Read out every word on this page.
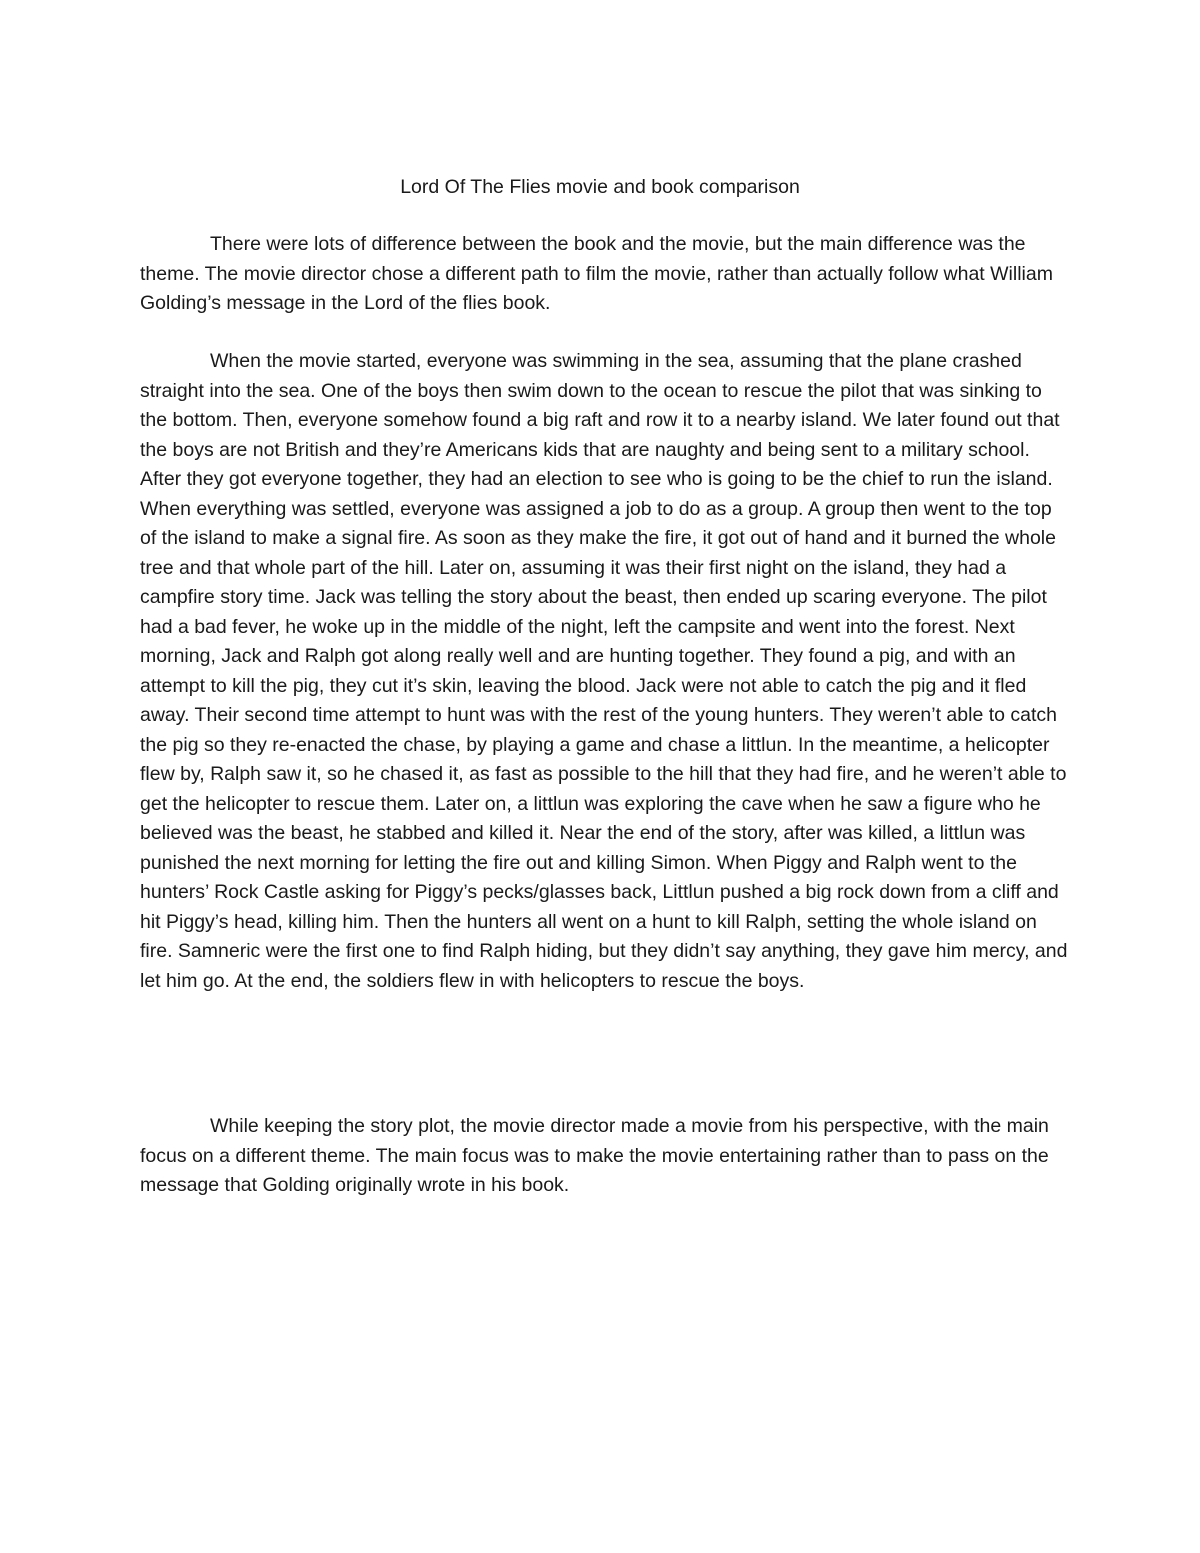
Lord Of The Flies movie and book comparison

There were lots of difference between the book and the movie, but the main difference was the theme. The movie director chose a different path to film the movie, rather than actually follow what William Golding’s message in the Lord of the flies book.

When the movie started, everyone was swimming in the sea, assuming that the plane crashed straight into the sea. One of the boys then swim down to the ocean to rescue the pilot that was sinking to the bottom. Then, everyone somehow found a big raft and row it to a nearby island. We later found out that the boys are not British and they’re Americans kids that are naughty and being sent to a military school. After they got everyone together, they had an election to see who is going to be the chief to run the island. When everything was settled, everyone was assigned a job to do as a group. A group then went to the top of the island to make a signal fire. As soon as they make the fire, it got out of hand and it burned the whole tree and that whole part of the hill. Later on, assuming it was their first night on the island, they had a campfire story time. Jack was telling the story about the beast, then ended up scaring everyone. The pilot had a bad fever, he woke up in the middle of the night, left the campsite and went into the forest. Next morning, Jack and Ralph got along really well and are hunting together. They found a pig, and with an attempt to kill the pig, they cut it’s skin, leaving the blood. Jack were not able to catch the pig and it fled away. Their second time attempt to hunt was with the rest of the young hunters. They weren’t able to catch the pig so they re-enacted the chase, by playing a game and chase a littlun. In the meantime, a helicopter flew by, Ralph saw it, so he chased it, as fast as possible to the hill that they had fire, and he weren’t able to get the helicopter to rescue them. Later on, a littlun was exploring the cave when he saw a figure who he believed was the beast, he stabbed and killed it. Near the end of the story, after was killed, a littlun was punished the next morning for letting the fire out and killing Simon. When Piggy and Ralph went to the hunters’ Rock Castle asking for Piggy’s pecks/glasses back, Littlun pushed a big rock down from a cliff and hit Piggy’s head, killing him. Then the hunters all went on a hunt to kill Ralph, setting the whole island on fire. Samneric were the first one to find Ralph hiding, but they didn’t say anything, they gave him mercy, and let him go. At the end, the soldiers flew in with helicopters to rescue the boys.

While keeping the story plot, the movie director made a movie from his perspective, with the main focus on a different theme. The main focus was to make the movie entertaining rather than to pass on the message that Golding originally wrote in his book.
